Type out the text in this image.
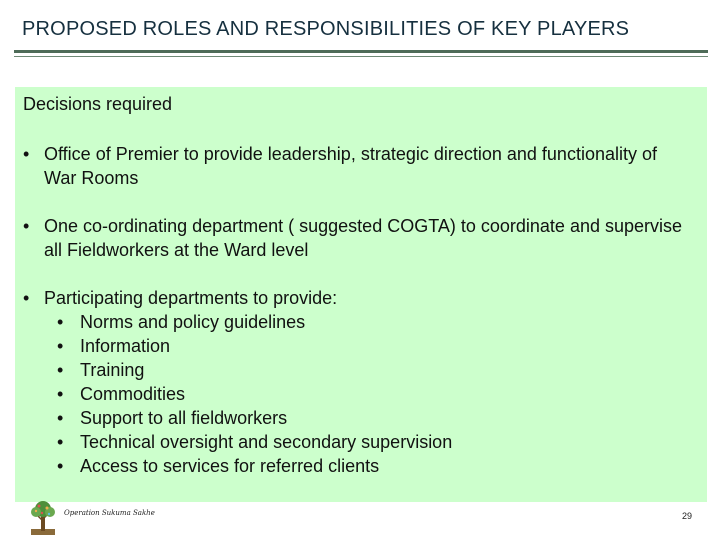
PROPOSED ROLES AND RESPONSIBILITIES OF KEY PLAYERS
Decisions required
• Office of Premier to provide leadership, strategic direction and functionality of War Rooms
• One co-ordinating department ( suggested COGTA) to coordinate and supervise all Fieldworkers at the Ward level
• Participating departments to provide:
• Norms and policy guidelines
• Information
• Training
• Commodities
• Support to all fieldworkers
• Technical oversight and secondary supervision
• Access to services for referred clients
Operation Sukuma Sakhe	29
